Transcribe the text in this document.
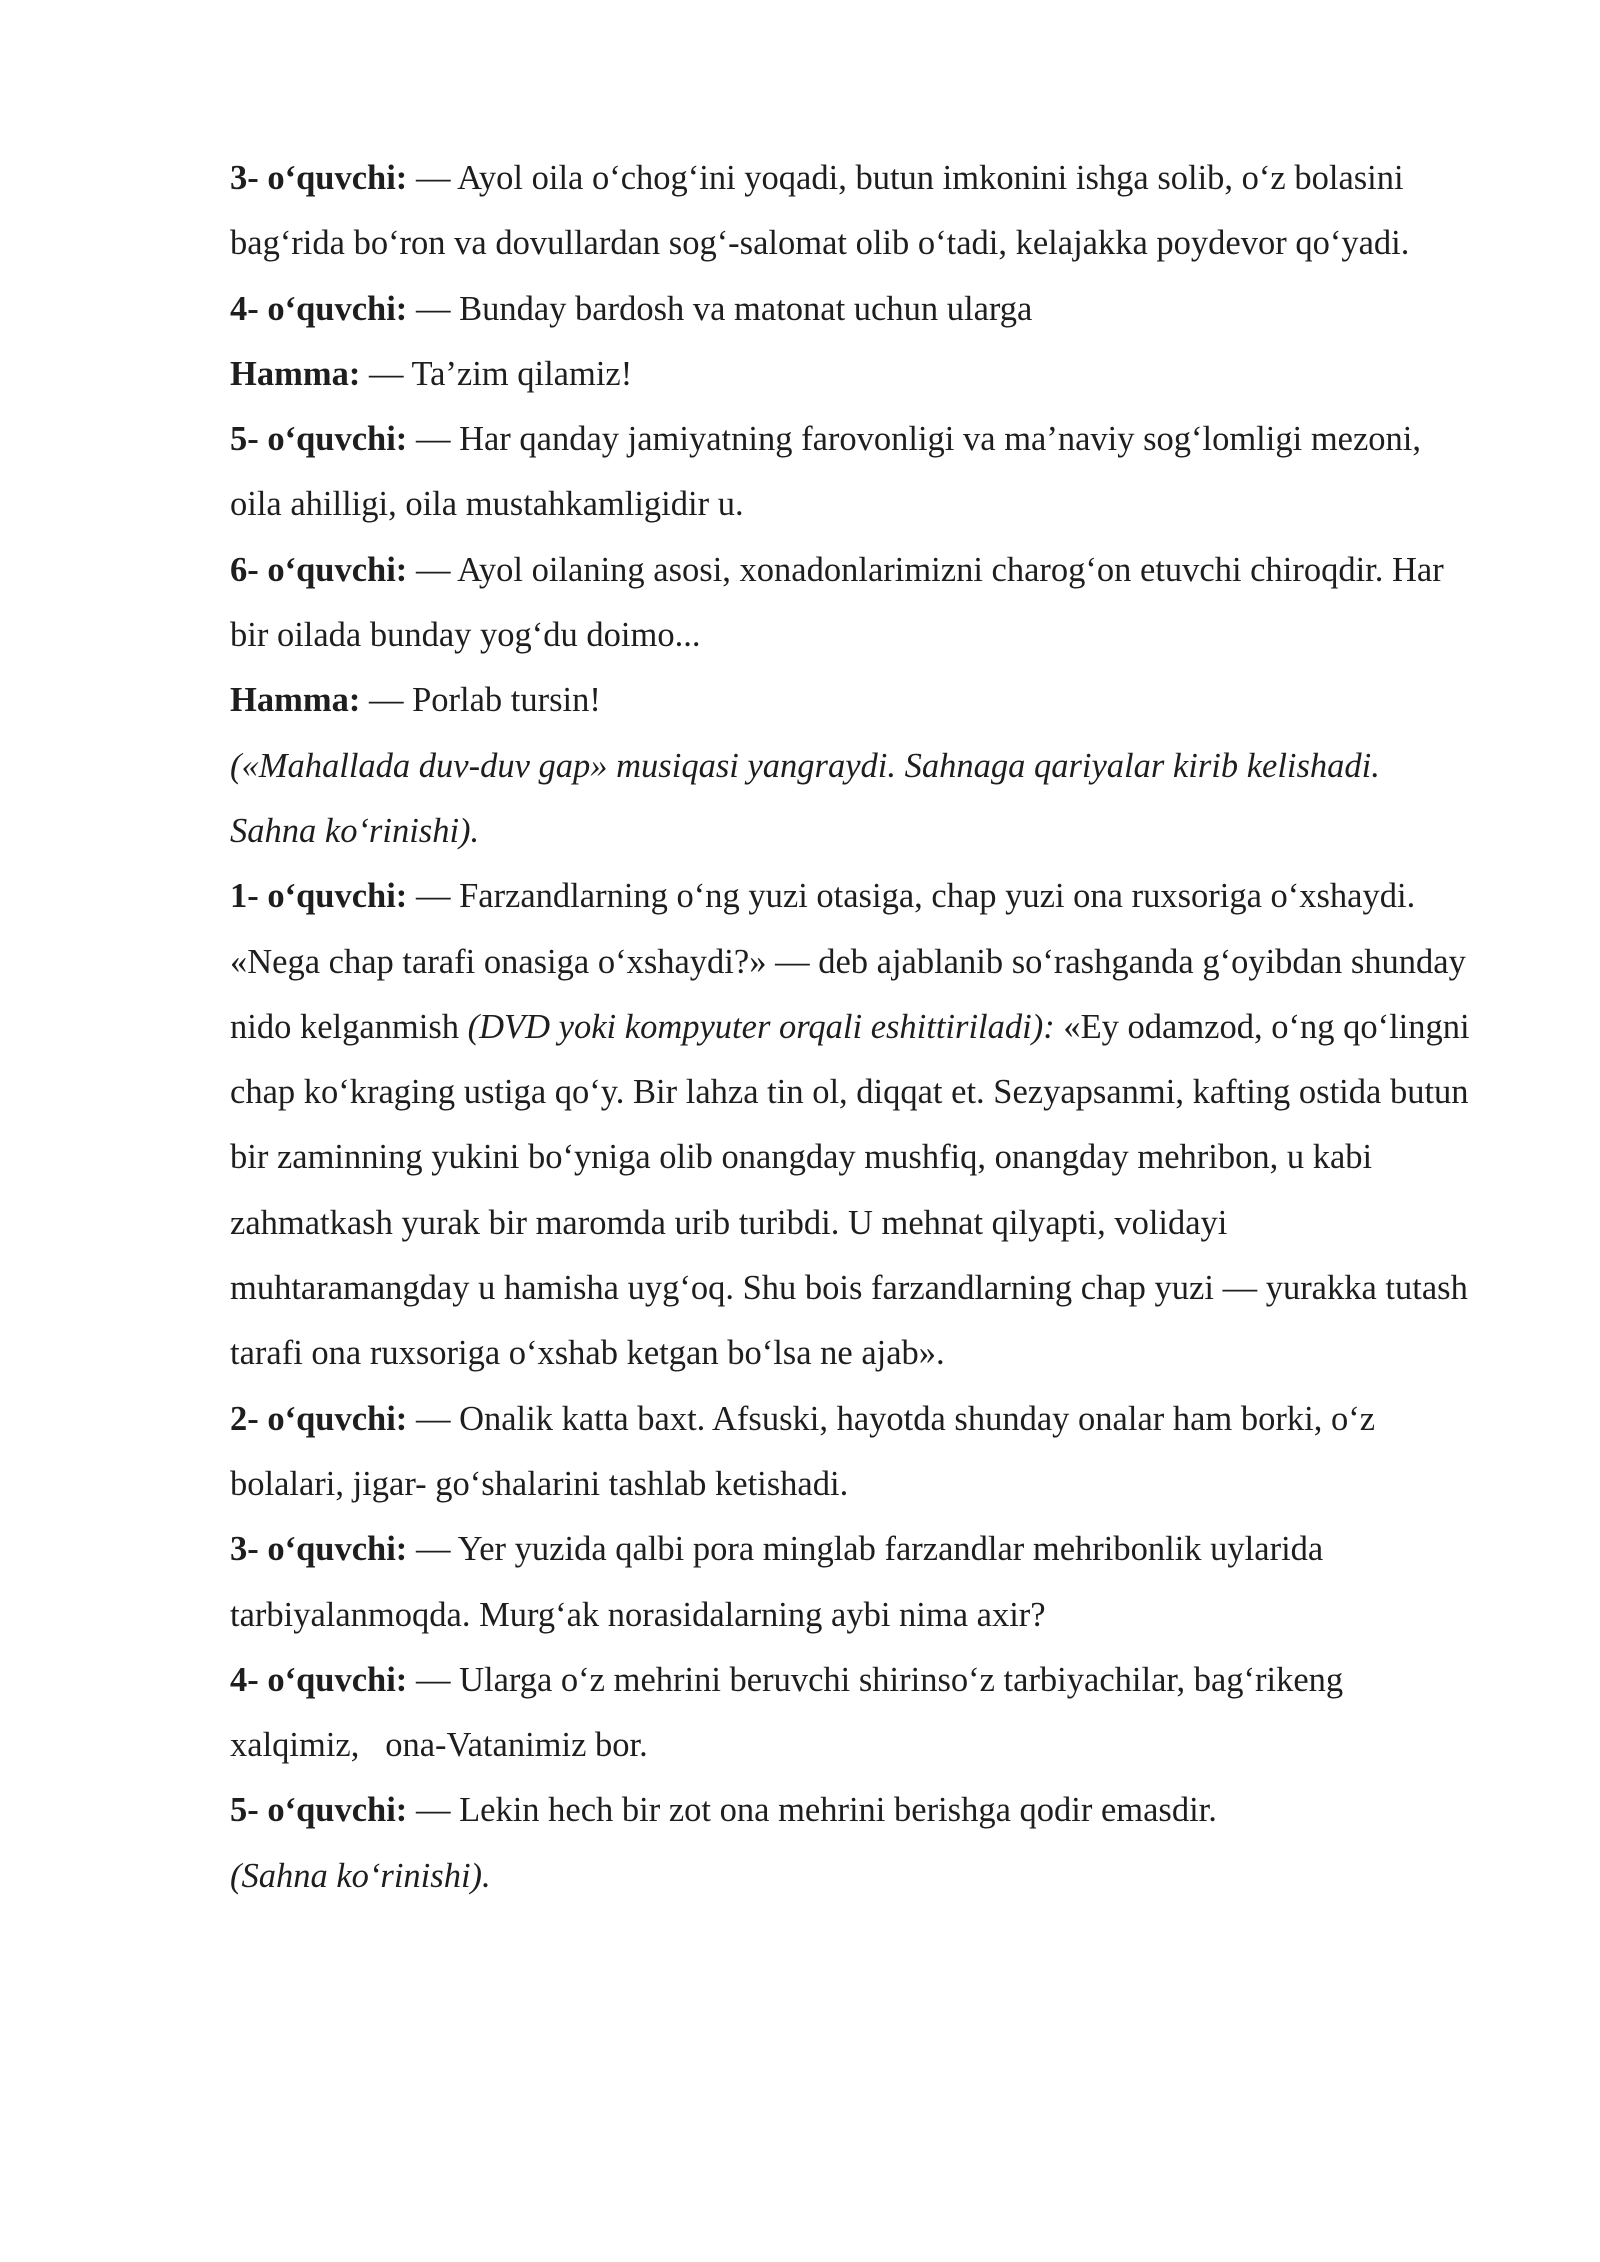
3- o‘quvchi: — Ayol oila o‘chog‘ini yoqadi, butun imkonini ishga solib, o‘z bolasini bag‘rida bo‘ron va dovullardan sog‘-salomat olib o‘tadi, kelajakka poydevor qo‘yadi.

4- o‘quvchi: — Bunday bardosh va matonat uchun ularga

Hamma: — Ta’zim qilamiz!

5- o‘quvchi: — Har qanday jamiyatning farovonligi va ma’naviy sog‘lomligi mezoni, oila ahilligi, oila mustahkamligidir u.

6- o‘quvchi: — Ayol oilaning asosi, xonadonlarimizni charog‘on etuvchi chiroqdir. Har bir oilada bunday yog‘du doimo...

Hamma: — Porlab tursin!

(«Mahallada duv-duv gap» musiqasi yangraydi. Sahnaga qariyalar kirib kelishadi. Sahna ko‘rinishi).

1- o‘quvchi: — Farzandlarning o‘ng yuzi otasiga, chap yuzi ona ruxsoriga o‘xshaydi. «Nega chap tarafi onasiga o‘xshaydi?» — deb ajablanib so‘rashganda g‘oyibdan shunday nido kelganmish (DVD yoki kompyuter orqali eshittiriladi): «Ey odamzod, o‘ng qo‘lingni chap ko‘kraging ustiga qo‘y. Bir lahza tin ol, diqqat et. Sezyapsanmi, kafting ostida butun bir zaminning yukini bo‘yniga olib onangday mushfiq, onangday mehribon, u kabi zahmatkash yurak bir maromda urib turibdi. U mehnat qilyapti, volidayi muhtaramangday u hamisha uyg‘oq. Shu bois farzandlarning chap yuzi — yurakka tutash tarafi ona ruxsoriga o‘xshab ketgan bo‘lsa ne ajab».

2- o‘quvchi: — Onalik katta baxt. Afsuski, hayotda shunday onalar ham borki, o‘z bolalari, jigar- go‘shalarini tashlab ketishadi.

3- o‘quvchi: — Yer yuzida qalbi pora minglab farzandlar mehribonlik uylarida tarbiyalanmoqda. Murg‘ak norasidalarning aybi nima axir?

4- o‘quvchi: — Ularga o‘z mehrini beruvchi shirinso‘z tarbiyachilar, bag‘rikeng xalqimiz,   ona-Vatanimiz bor.

5- o‘quvchi: — Lekin hech bir zot ona mehrini berishga qodir emasdir.

(Sahna ko‘rinishi).
